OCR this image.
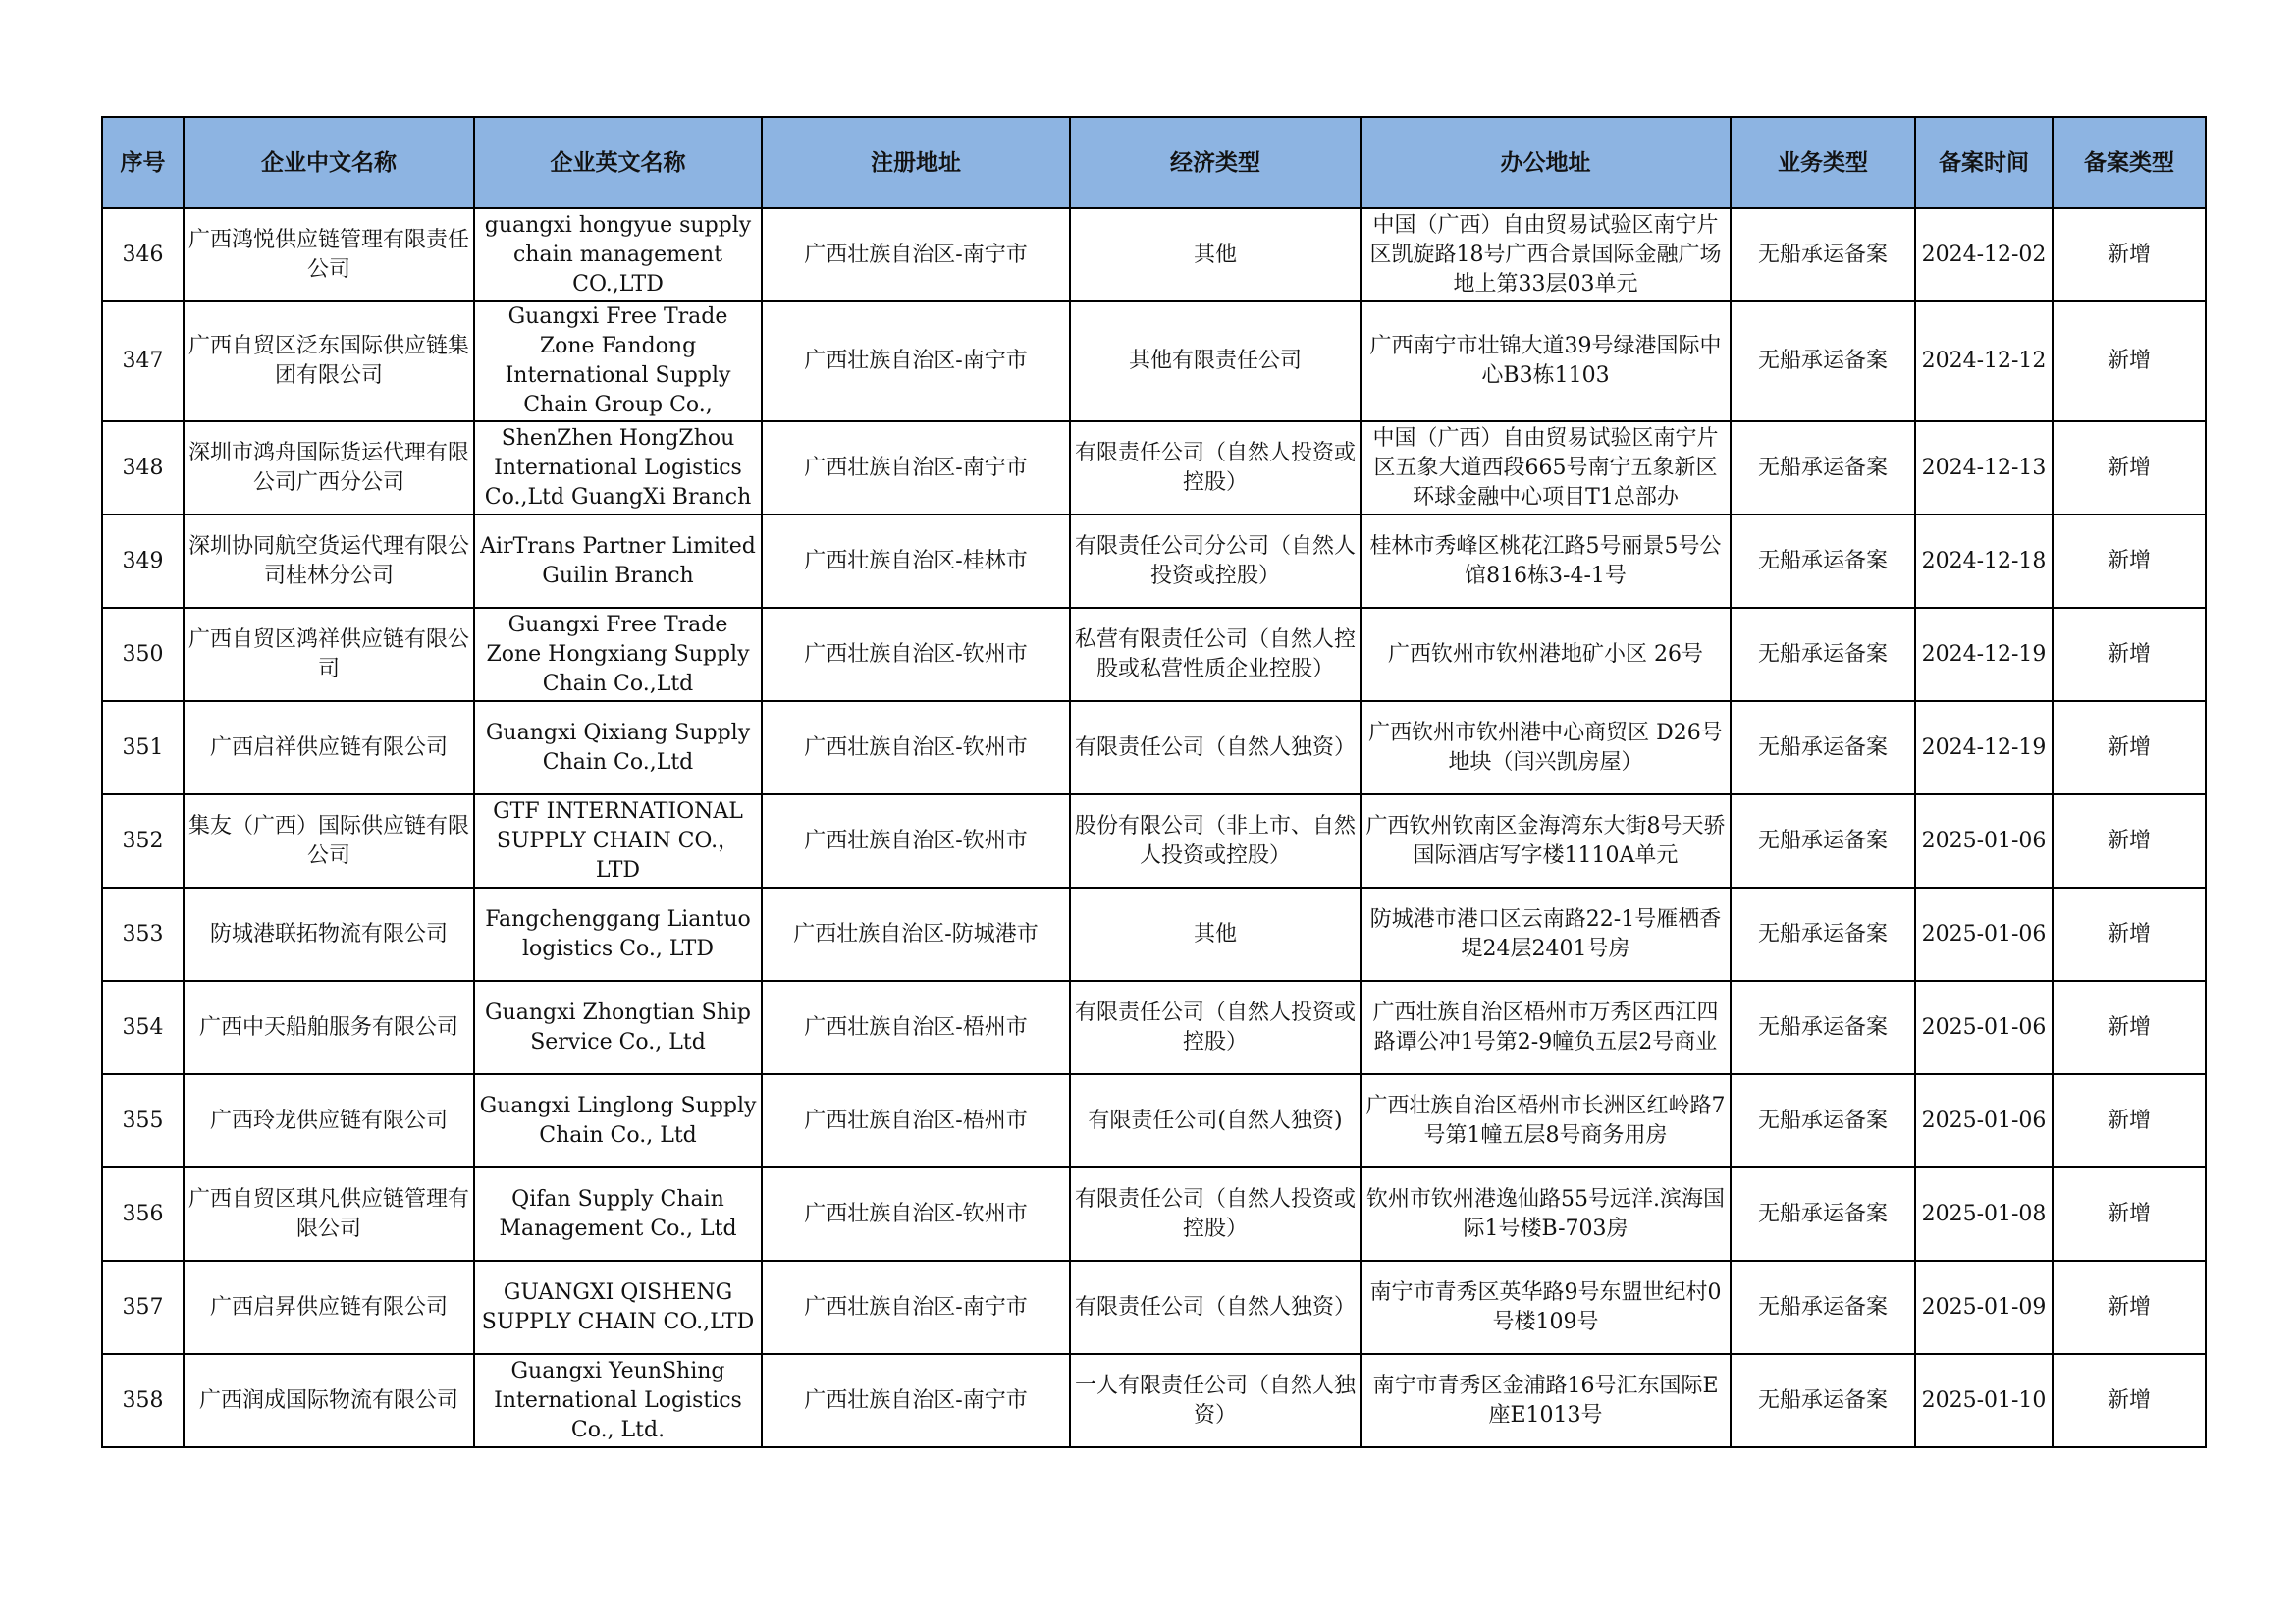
序号	企业中文名称	企业英文名称	注册地址	经济类型	办公地址	业务类型	备案时间	备案类型
346	广西鸿悦供应链管理有限责任公司	guangxi hongyue supply chain management CO.,LTD	广西壮族自治区-南宁市	其他	中国（广西）自由贸易试验区南宁片区凯旋路18号广西合景国际金融广场地上第33层03单元	无船承运备案	2024-12-02	新增
347	广西自贸区泛东国际供应链集团有限公司	Guangxi Free Trade Zone Fandong International Supply Chain Group Co.,	广西壮族自治区-南宁市	其他有限责任公司	广西南宁市壮锦大道39号绿港国际中心B3栋1103	无船承运备案	2024-12-12	新增
348	深圳市鸿舟国际货运代理有限公司广西分公司	ShenZhen HongZhou International Logistics Co.,Ltd GuangXi Branch	广西壮族自治区-南宁市	有限责任公司（自然人投资或控股）	中国（广西）自由贸易试验区南宁片区五象大道西段665号南宁五象新区环球金融中心项目T1总部办	无船承运备案	2024-12-13	新增
349	深圳协同航空货运代理有限公司桂林分公司	AirTrans Partner Limited Guilin Branch	广西壮族自治区-桂林市	有限责任公司分公司（自然人投资或控股）	桂林市秀峰区桃花江路5号丽景5号公馆816栋3-4-1号	无船承运备案	2024-12-18	新增
350	广西自贸区鸿祥供应链有限公司	Guangxi Free Trade Zone Hongxiang Supply Chain Co.,Ltd	广西壮族自治区-钦州市	私营有限责任公司（自然人控股或私营性质企业控股）	广西钦州市钦州港地矿小区 26号	无船承运备案	2024-12-19	新增
351	广西启祥供应链有限公司	Guangxi Qixiang Supply Chain Co.,Ltd	广西壮族自治区-钦州市	有限责任公司（自然人独资）	广西钦州市钦州港中心商贸区 D26号地块（闫兴凯房屋）	无船承运备案	2024-12-19	新增
352	集友（广西）国际供应链有限公司	GTF INTERNATIONAL SUPPLY CHAIN CO.，LTD	广西壮族自治区-钦州市	股份有限公司（非上市、自然人投资或控股）	广西钦州钦南区金海湾东大街8号天骄国际酒店写字楼1110A单元	无船承运备案	2025-01-06	新增
353	防城港联拓物流有限公司	Fangchenggang Liantuo logistics Co., LTD	广西壮族自治区-防城港市	其他	防城港市港口区云南路22-1号雁栖香堤24层2401号房	无船承运备案	2025-01-06	新增
354	广西中天船舶服务有限公司	Guangxi Zhongtian Ship Service Co., Ltd	广西壮族自治区-梧州市	有限责任公司（自然人投资或控股）	广西壮族自治区梧州市万秀区西江四路谭公冲1号第2-9幢负五层2号商业	无船承运备案	2025-01-06	新增
355	广西玲龙供应链有限公司	Guangxi Linglong Supply Chain Co., Ltd	广西壮族自治区-梧州市	有限责任公司(自然人独资)	广西壮族自治区梧州市长洲区红岭路7号第1幢五层8号商务用房	无船承运备案	2025-01-06	新增
356	广西自贸区琪凡供应链管理有限公司	Qifan Supply Chain Management Co., Ltd	广西壮族自治区-钦州市	有限责任公司（自然人投资或控股）	钦州市钦州港逸仙路55号远洋.滨海国际1号楼B-703房	无船承运备案	2025-01-08	新增
357	广西启昇供应链有限公司	GUANGXI QISHENG SUPPLY CHAIN CO.,LTD	广西壮族自治区-南宁市	有限责任公司（自然人独资）	南宁市青秀区英华路9号东盟世纪村0号楼109号	无船承运备案	2025-01-09	新增
358	广西润成国际物流有限公司	Guangxi YeunShing International Logistics Co., Ltd.	广西壮族自治区-南宁市	一人有限责任公司（自然人独资）	南宁市青秀区金浦路16号汇东国际E座E1013号	无船承运备案	2025-01-10	新增
